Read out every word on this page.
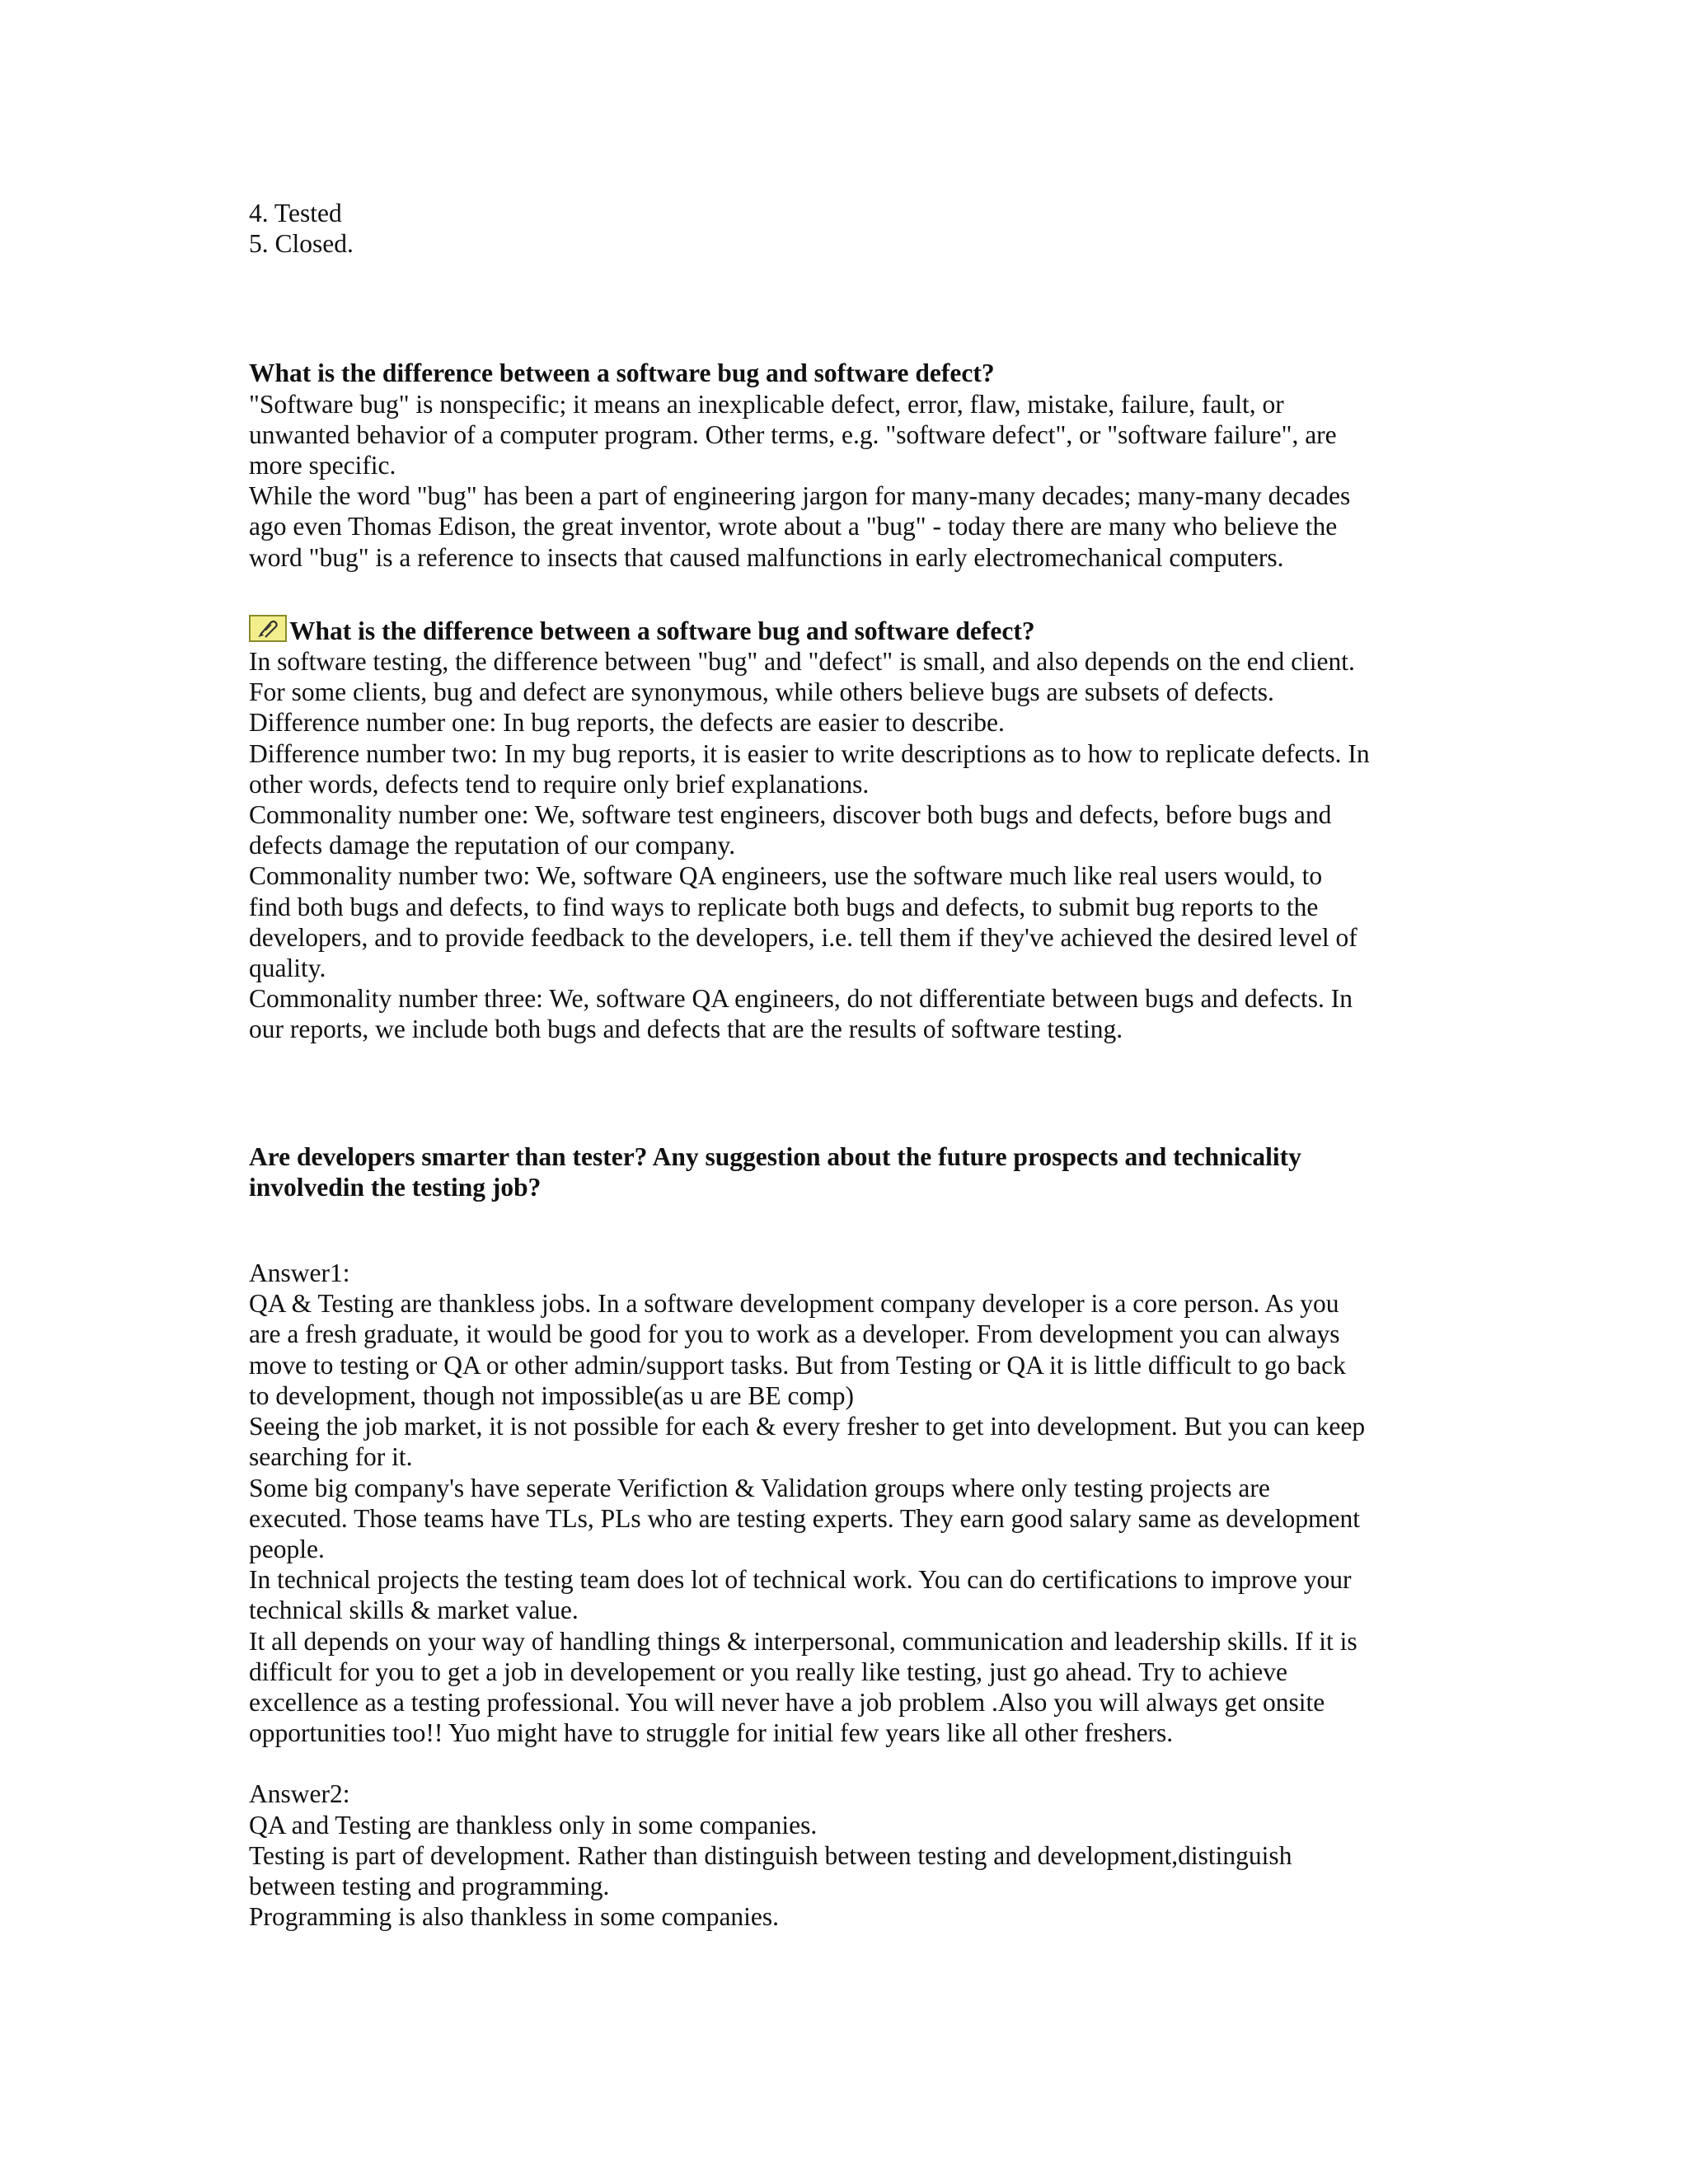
4. Tested
5. Closed.
What is the difference between a software bug and software defect?
"Software bug" is nonspecific; it means an inexplicable defect, error, flaw, mistake, failure, fault, or
unwanted behavior of a computer program. Other terms, e.g. "software defect", or "software failure", are
more specific.
While the word "bug" has been a part of engineering jargon for many-many decades; many-many decades
ago even Thomas Edison, the great inventor, wrote about a "bug" - today there are many who believe the
word "bug" is a reference to insects that caused malfunctions in early electromechanical computers.
What is the difference between a software bug and software defect?
In software testing, the difference between "bug" and "defect" is small, and also depends on the end client.
For some clients, bug and defect are synonymous, while others believe bugs are subsets of defects.
Difference number one: In bug reports, the defects are easier to describe.
Difference number two: In my bug reports, it is easier to write descriptions as to how to replicate defects. In
other words, defects tend to require only brief explanations.
Commonality number one: We, software test engineers, discover both bugs and defects, before bugs and
defects damage the reputation of our company.
Commonality number two: We, software QA engineers, use the software much like real users would, to
find both bugs and defects, to find ways to replicate both bugs and defects, to submit bug reports to the
developers, and to provide feedback to the developers, i.e. tell them if they've achieved the desired level of
quality.
Commonality number three: We, software QA engineers, do not differentiate between bugs and defects. In
our reports, we include both bugs and defects that are the results of software testing.
Are developers smarter than tester? Any suggestion about the future prospects and technicality
involvedin the testing job?
Answer1:
QA & Testing are thankless jobs. In a software development company developer is a core person. As you
are a fresh graduate, it would be good for you to work as a developer. From development you can always
move to testing or QA or other admin/support tasks. But from Testing or QA it is little difficult to go back
to development, though not impossible(as u are BE comp)
Seeing the job market, it is not possible for each & every fresher to get into development. But you can keep
searching for it.
Some big company's have seperate Verifiction & Validation groups where only testing projects are
executed. Those teams have TLs, PLs who are testing experts. They earn good salary same as development
people.
In technical projects the testing team does lot of technical work. You can do certifications to improve your
technical skills & market value.
It all depends on your way of handling things & interpersonal, communication and leadership skills. If it is
difficult for you to get a job in developement or you really like testing, just go ahead. Try to achieve
excellence as a testing professional. You will never have a job problem .Also you will always get onsite
opportunities too!! Yuo might have to struggle for initial few years like all other freshers.
Answer2:
QA and Testing are thankless only in some companies.
Testing is part of development. Rather than distinguish between testing and development,distinguish
between testing and programming.
Programming is also thankless in some companies.
